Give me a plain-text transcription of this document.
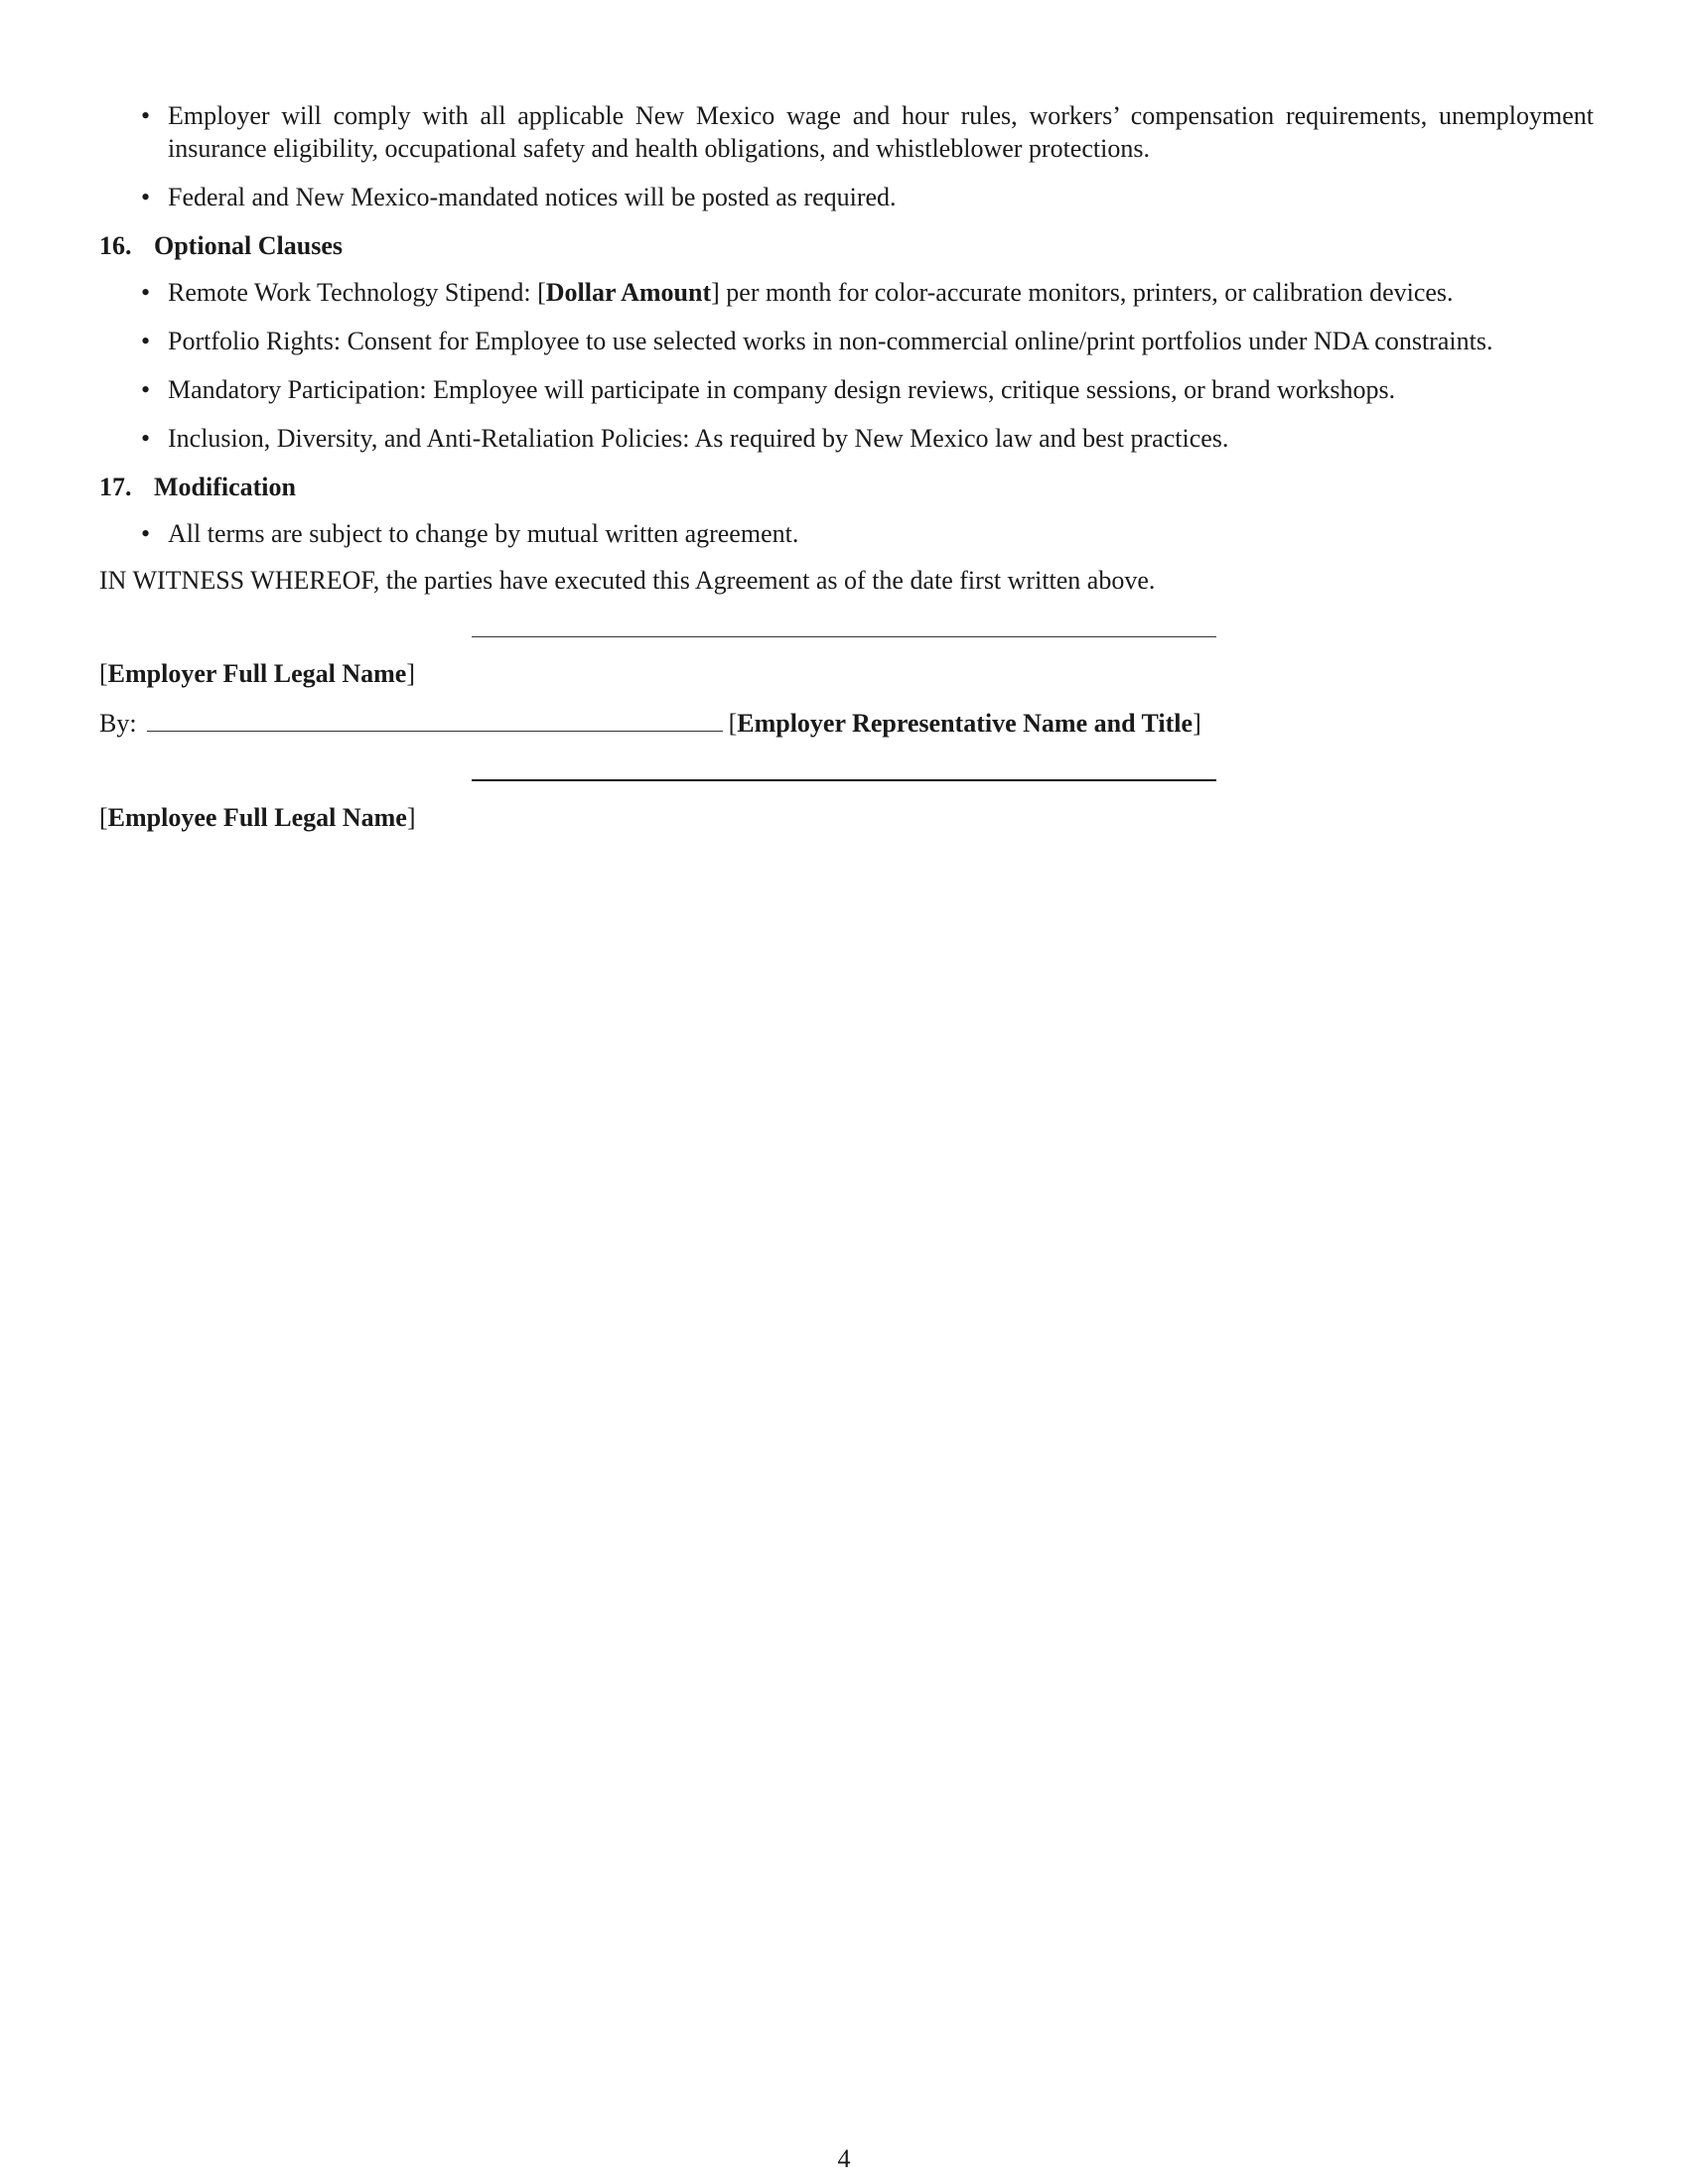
• Employer will comply with all applicable New Mexico wage and hour rules, workers’ compensation requirements, unemployment insurance eligibility, occupational safety and health obligations, and whistleblower protections.
• Federal and New Mexico-mandated notices will be posted as required.
16. Optional Clauses
• Remote Work Technology Stipend: [Dollar Amount] per month for color-accurate monitors, printers, or calibration devices.
• Portfolio Rights: Consent for Employee to use selected works in non-commercial online/print portfolios under NDA constraints.
• Mandatory Participation: Employee will participate in company design reviews, critique sessions, or brand workshops.
• Inclusion, Diversity, and Anti-Retaliation Policies: As required by New Mexico law and best practices.
17. Modification
• All terms are subject to change by mutual written agreement.

IN WITNESS WHEREOF, the parties have executed this Agreement as of the date first written above.

[Employer Full Legal Name]

By:	[Employer Representative Name and Title]

[Employee Full Legal Name]

4
